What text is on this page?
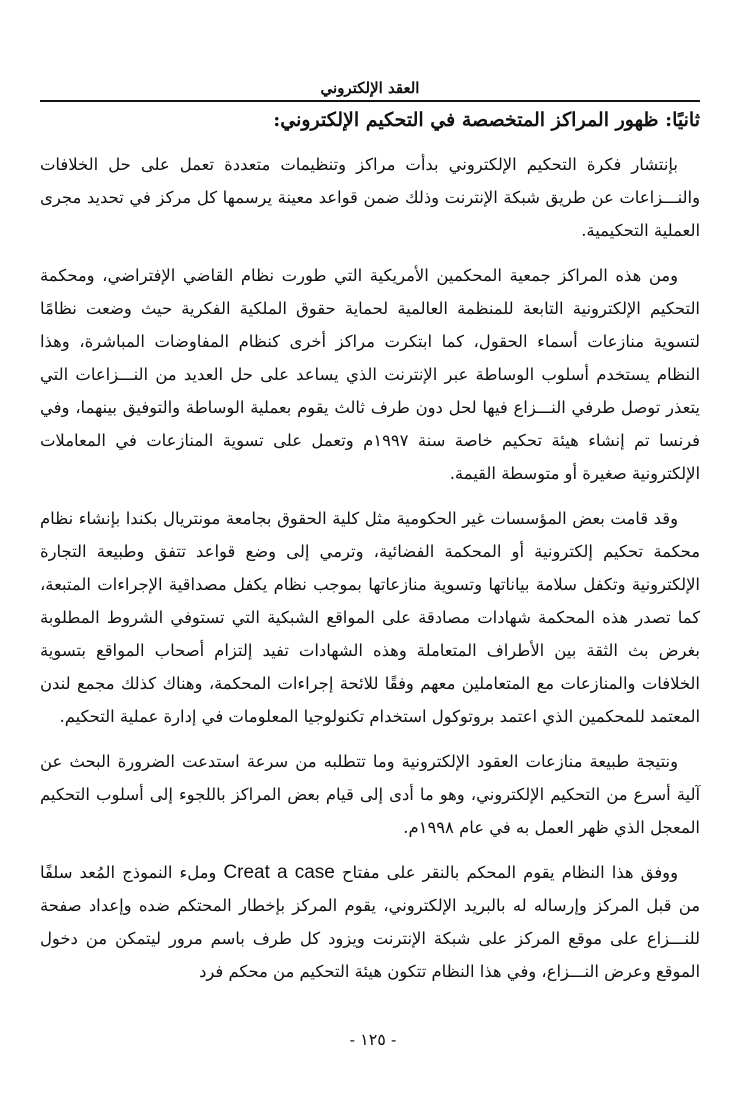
العقد الإلكتروني
ثانيًا: ظهور المراكز المتخصصة في التحكيم الإلكتروني:

بإنتشار فكرة التحكيم الإلكتروني بدأت مراكز وتنظيمات متعددة تعمل على حل الخلافات والنـــزاعات عن طريق شبكة الإنترنت وذلك ضمن قواعد معينة يرسمها كل مركز في تحديد مجرى العملية التحكيمية.

ومن هذه المراكز جمعية المحكمين الأمريكية التي طورت نظام القاضي الإفتراضي، ومحكمة التحكيم الإلكترونية التابعة للمنظمة العالمية لحماية حقوق الملكية الفكرية حيث وضعت نظامًا لتسوية منازعات أسماء الحقول، كما ابتكرت مراكز أخرى كنظام المفاوضات المباشرة، وهذا النظام يستخدم أسلوب الوساطة عبر الإنترنت الذي يساعد على حل العديد من النـــزاعات التي يتعذر توصل طرفي النـــزاع فيها لحل دون طرف ثالث يقوم بعملية الوساطة والتوفيق بينهما، وفي فرنسا تم إنشاء هيئة تحكيم خاصة سنة ١٩٩٧م وتعمل على تسوية المنازعات في المعاملات الإلكترونية صغيرة أو متوسطة القيمة.

وقد قامت بعض المؤسسات غير الحكومية مثل كلية الحقوق بجامعة مونتريال بكندا بإنشاء نظام محكمة تحكيم إلكترونية أو المحكمة الفضائية، وترمي إلى وضع قواعد تتفق وطبيعة التجارة الإلكترونية وتكفل سلامة بياناتها وتسوية منازعاتها بموجب نظام يكفل مصداقية الإجراءات المتبعة، كما تصدر هذه المحكمة شهادات مصادقة على المواقع الشبكية التي تستوفي الشروط المطلوبة بغرض بث الثقة بين الأطراف المتعاملة وهذه الشهادات تفيد إلتزام أصحاب المواقع بتسوية الخلافات والمنازعات مع المتعاملين معهم وفقًا للائحة إجراءات المحكمة، وهناك كذلك مجمع لندن المعتمد للمحكمين الذي اعتمد بروتوكول استخدام تكنولوجيا المعلومات في إدارة عملية التحكيم.

ونتيجة طبيعة منازعات العقود الإلكترونية وما تتطلبه من سرعة استدعت الضرورة البحث عن آلية أسرع من التحكيم الإلكتروني، وهو ما أدى إلى قيام بعض المراكز باللجوء إلى أسلوب التحكيم المعجل الذي ظهر العمل به في عام ١٩٩٨م.

ووفق هذا النظام يقوم المحكم بالنقر على مفتاح Creat a case وملء النموذج المُعد سلفًا من قبل المركز وإرساله له بالبريد الإلكتروني، يقوم المركز بإخطار المحتكم ضده وإعداد صفحة للنـــزاع على موقع المركز على شبكة الإنترنت ويزود كل طرف باسم مرور ليتمكن من دخول الموقع وعرض النـــزاع، وفي هذا النظام تتكون هيئة التحكيم من محكم فرد

- ١٢٥ -
